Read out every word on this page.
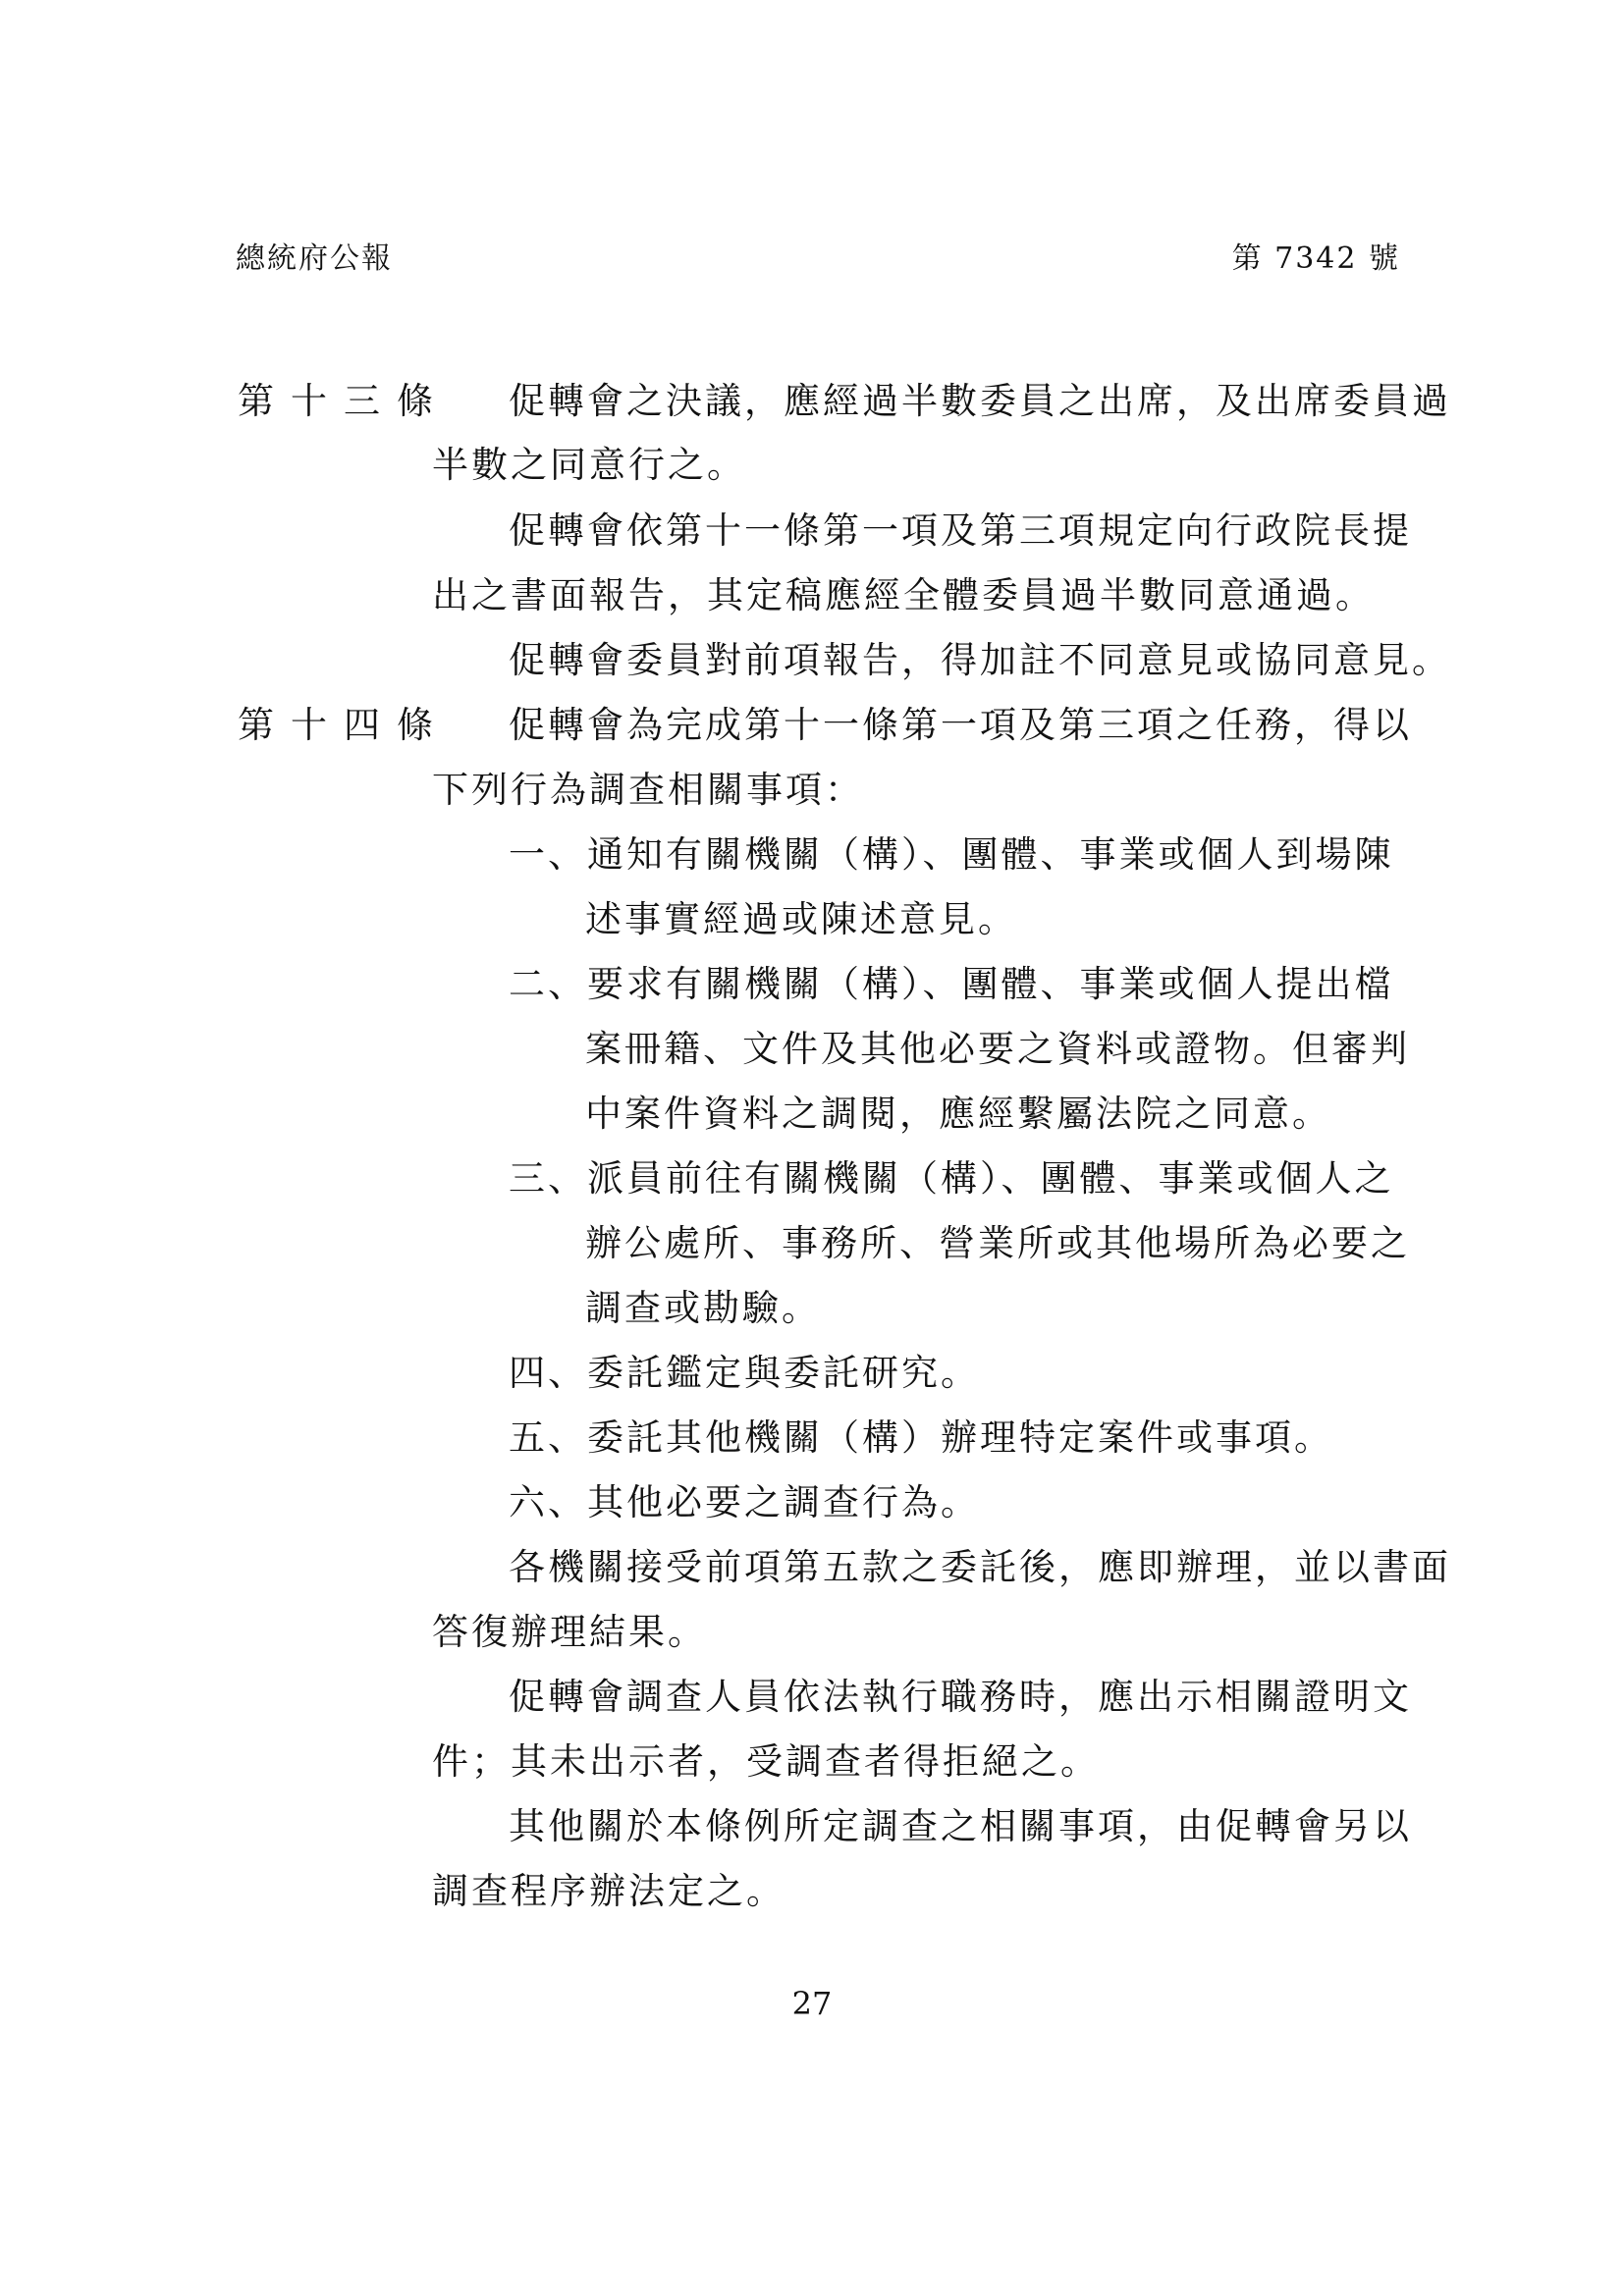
總統府公報	第 7342 號
第十三條 促轉會之決議，應經過半數委員之出席，及出席委員過
半數之同意行之。
促轉會依第十一條第一項及第三項規定向行政院長提
出之書面報告，其定稿應經全體委員過半數同意通過。
促轉會委員對前項報告，得加註不同意見或協同意見。
第十四條 促轉會為完成第十一條第一項及第三項之任務，得以
下列行為調查相關事項：
一、通知有關機關（構）、團體、事業或個人到場陳
述事實經過或陳述意見。
二、要求有關機關（構）、團體、事業或個人提出檔
案冊籍、文件及其他必要之資料或證物。但審判
中案件資料之調閱，應經繫屬法院之同意。
三、派員前往有關機關（構）、團體、事業或個人之
辦公處所、事務所、營業所或其他場所為必要之
調查或勘驗。
四、委託鑑定與委託研究。
五、委託其他機關（構）辦理特定案件或事項。
六、其他必要之調查行為。
各機關接受前項第五款之委託後，應即辦理，並以書面
答復辦理結果。
促轉會調查人員依法執行職務時，應出示相關證明文
件；其未出示者，受調查者得拒絕之。
其他關於本條例所定調查之相關事項，由促轉會另以
調查程序辦法定之。
27
